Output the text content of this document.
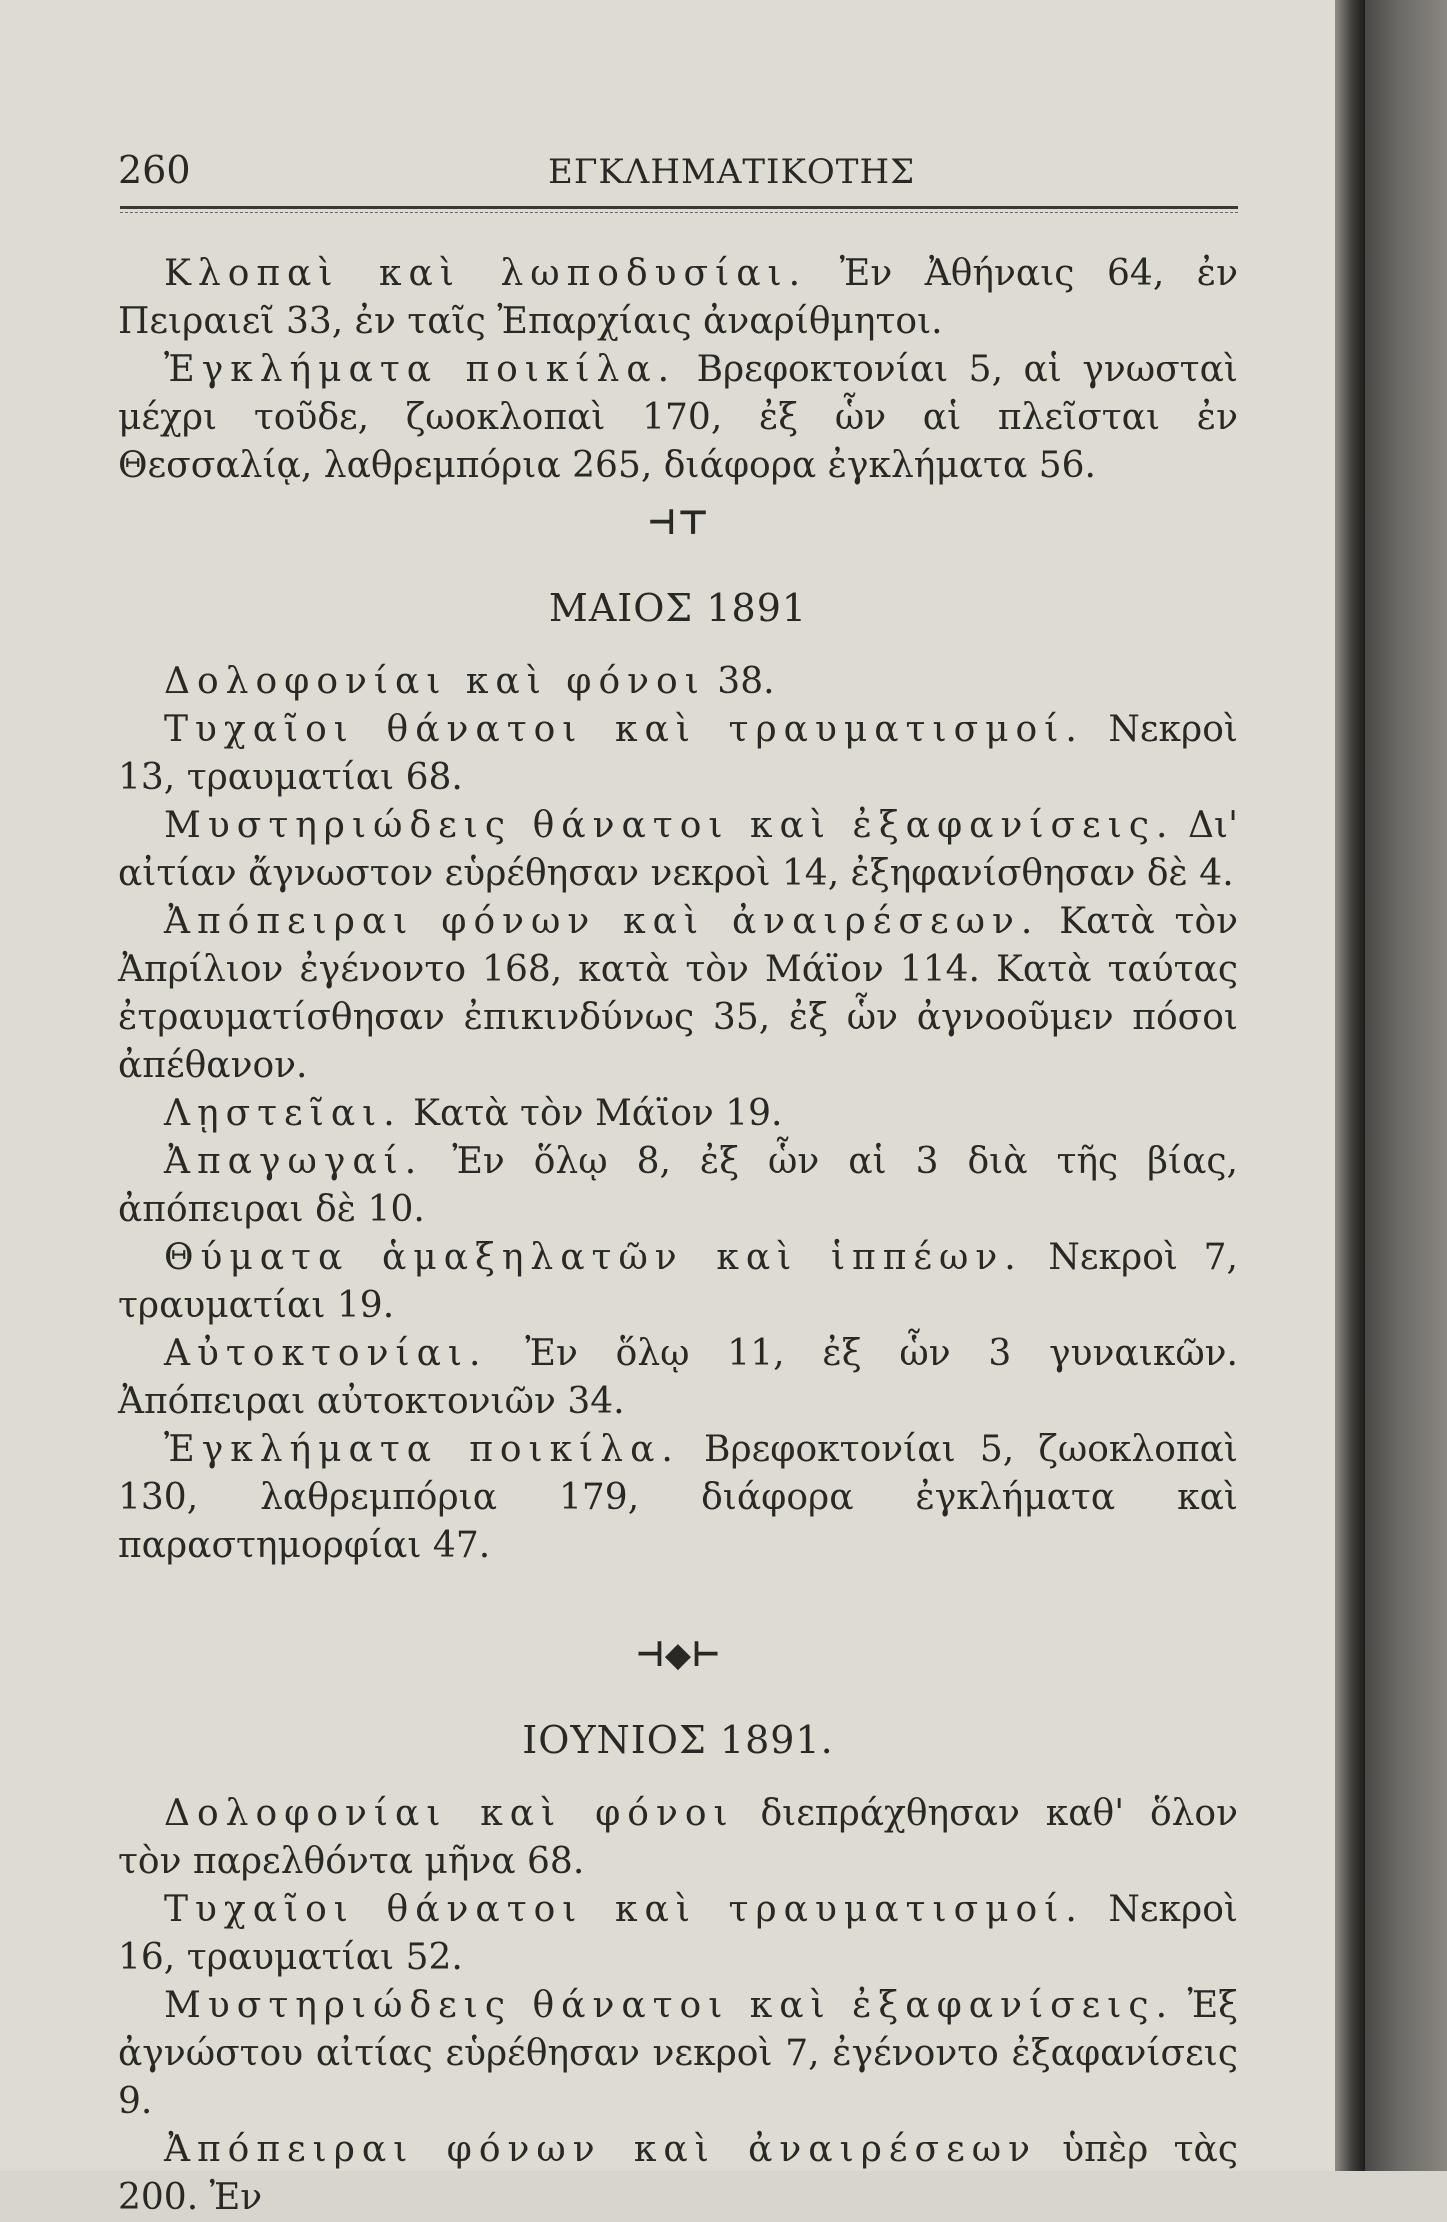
260	ΕΓΚΛΗΜΑΤΙΚΟΤΗΣ

Κλοπαὶ καὶ λωποδυσίαι. Ἐν Ἀθήναις 64, ἐν Πειραιεῖ 33, ἐν ταῖς Ἐπαρχίαις ἀναρίθμητοι.

Ἐγκλήματα ποικίλα. Βρεφοκτονίαι 5, αἱ γνωσταὶ μέχρι τοῦδε, ζωοκλοπαὶ 170, ἐξ ὧν αἱ πλεῖσται ἐν Θεσσαλίᾳ, λαθρεμπόρια 265, διάφορα ἐγκλήματα 56.

⊣⊤
ΜΑΙΟΣ 1891

Δολοφονίαι καὶ φόνοι 38.

Τυχαῖοι θάνατοι καὶ τραυματισμοί. Νεκροὶ 13, τραυματίαι 68.

Μυστηριώδεις θάνατοι καὶ ἐξαφανίσεις. Δι' αἰτίαν ἄγνωστον εὑρέθησαν νεκροὶ 14, ἐξηφανίσθησαν δὲ 4.

Ἀπόπειραι φόνων καὶ ἀναιρέσεων. Κατὰ τὸν Ἀπρίλιον ἐγένοντο 168, κατὰ τὸν Μάϊον 114. Κατὰ ταύτας ἐτραυματίσθησαν ἐπικινδύνως 35, ἐξ ὧν ἀγνοοῦμεν πόσοι ἀπέθανον.

Λῃστεῖαι. Κατὰ τὸν Μάϊον 19.

Ἀπαγωγαί. Ἐν ὅλῳ 8, ἐξ ὧν αἱ 3 διὰ τῆς βίας, ἀπόπειραι δὲ 10.

Θύματα ἁμαξηλατῶν καὶ ἱππέων. Νεκροὶ 7, τραυματίαι 19.

Αὐτοκτονίαι. Ἐν ὅλῳ 11, ἐξ ὧν 3 γυναικῶν. Ἀπόπειραι αὐτοκτονιῶν 34.

Ἐγκλήματα ποικίλα. Βρεφοκτονίαι 5, ζωοκλοπαὶ 130, λαθρεμπόρια 179, διάφορα ἐγκλήματα καὶ παραστημορφίαι 47.

⊣◆⊢
ΙΟΥΝΙΟΣ 1891.

Δολοφονίαι καὶ φόνοι διεπράχθησαν καθ' ὅλον τὸν παρελθόντα μῆνα 68.

Τυχαῖοι θάνατοι καὶ τραυματισμοί. Νεκροὶ 16, τραυματίαι 52.

Μυστηριώδεις θάνατοι καὶ ἐξαφανίσεις. Ἐξ ἀγνώστου αἰτίας εὑρέθησαν νεκροὶ 7, ἐγένοντο ἐξαφανίσεις 9.

Ἀπόπειραι φόνων καὶ ἀναιρέσεων ὑπὲρ τὰς 200. Ἐν
